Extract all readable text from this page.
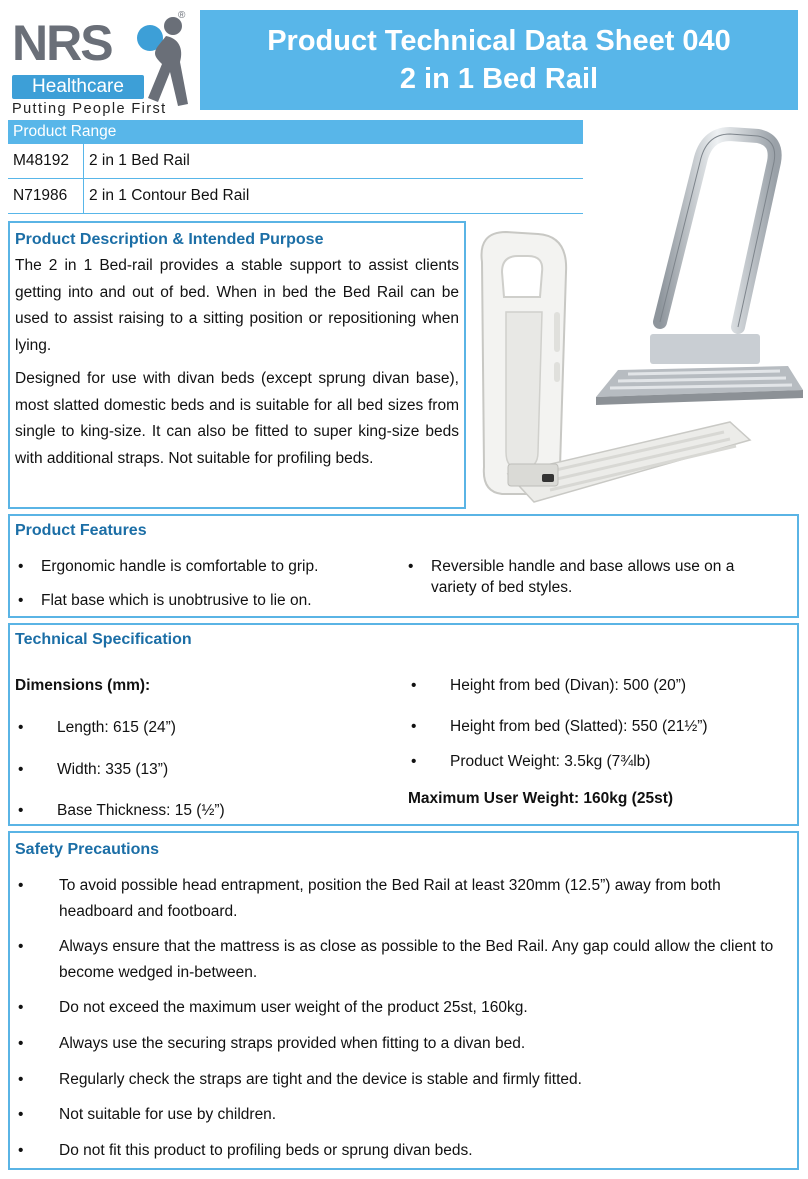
NRS	®
Healthcare
Putting People First
Product Technical Data Sheet 040
2 in 1 Bed Rail
Product Range
M48192	2 in 1 Bed Rail
N71986	2 in 1 Contour Bed Rail
Product Description & Intended Purpose

The 2 in 1 Bed-rail provides a stable support to assist clients getting into and out of bed. When in bed the Bed Rail can be used to assist raising to a sitting position or repositioning when lying.

Designed for use with divan beds (except sprung divan base), most slatted domestic beds and is suitable for all bed sizes from single to king-size. It can also be fitted to super king-size beds with additional straps. Not suitable for profiling beds.

Product Features
•	Ergonomic handle is comfortable to grip.
•	Flat base which is unobtrusive to lie on.
•	Reversible handle and base allows use on a variety of bed styles.
Technical Specification
Dimensions (mm):
•	Length: 615 (24”)
•	Width: 335 (13”)
•	Base Thickness: 15 (½”)
•	Height from bed (Divan): 500 (20”)
•	Height from bed (Slatted): 550 (21½”)
•	Product Weight: 3.5kg (7¾lb)
Maximum User Weight: 160kg (25st)
Safety Precautions
•	To avoid possible head entrapment, position the Bed Rail at least 320mm (12.5”) away from both headboard and footboard.
•	Always ensure that the mattress is as close as possible to the Bed Rail. Any gap could allow the client to become wedged in-between.
•	Do not exceed the maximum user weight of the product 25st, 160kg.
•	Always use the securing straps provided when fitting to a divan bed.
•	Regularly check the straps are tight and the device is stable and firmly fitted.
•	Not suitable for use by children.
•	Do not fit this product to profiling beds or sprung divan beds.
